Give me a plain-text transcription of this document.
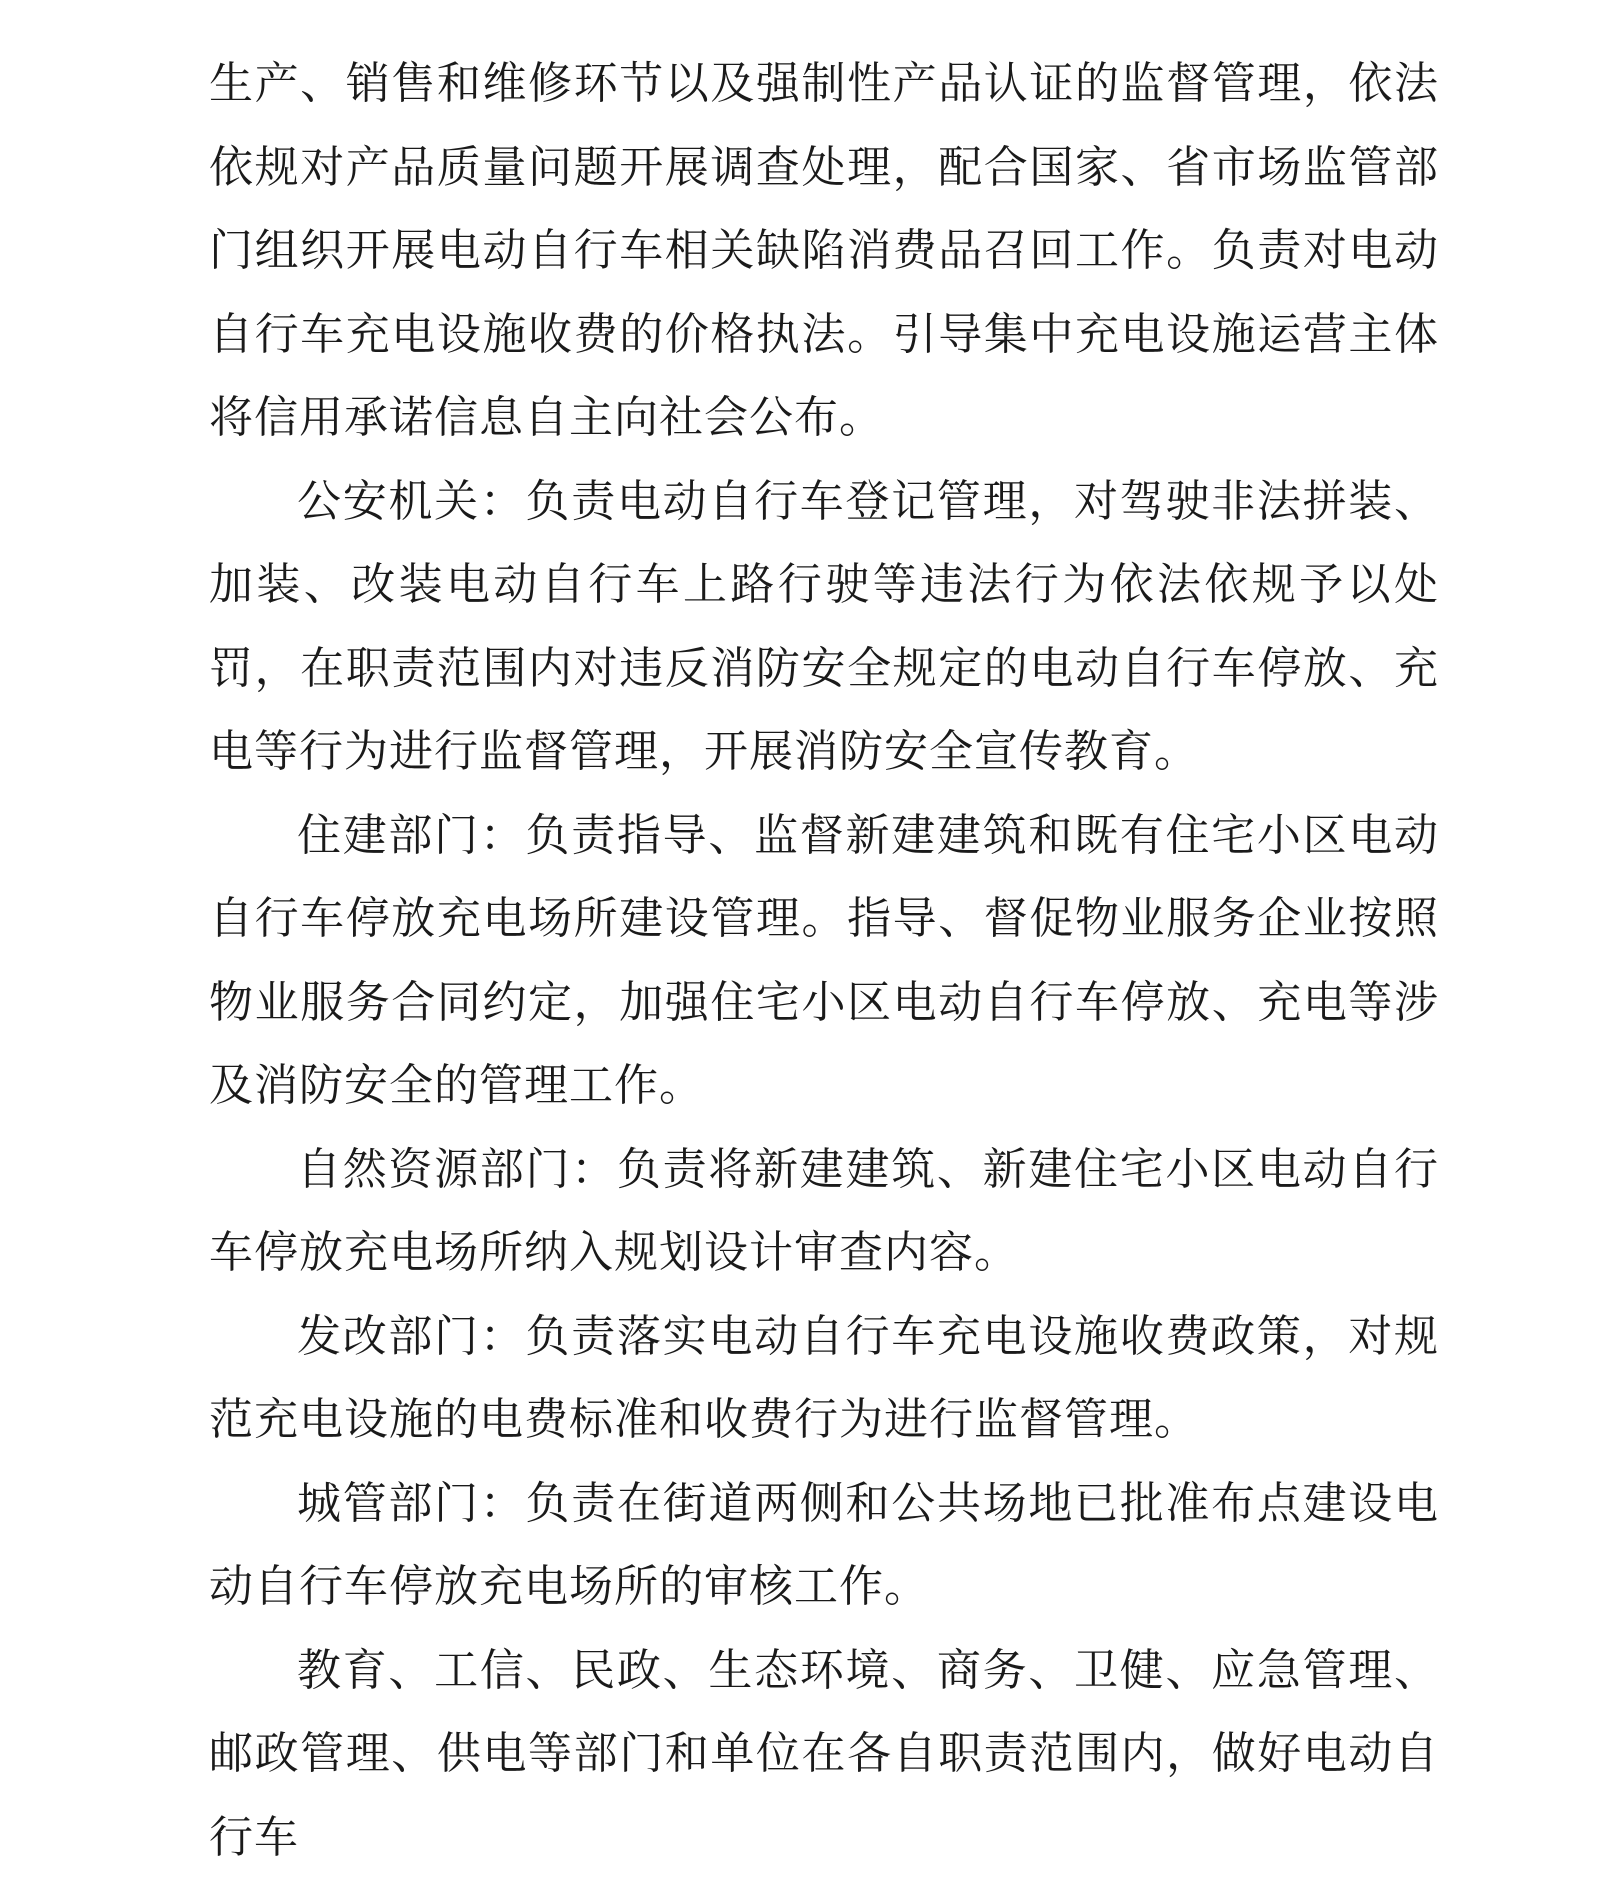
生产、销售和维修环节以及强制性产品认证的监督管理，依法依规对产品质量问题开展调查处理，配合国家、省市场监管部门组织开展电动自行车相关缺陷消费品召回工作。负责对电动自行车充电设施收费的价格执法。引导集中充电设施运营主体将信用承诺信息自主向社会公布。

公安机关：负责电动自行车登记管理，对驾驶非法拼装、加装、改装电动自行车上路行驶等违法行为依法依规予以处罚，在职责范围内对违反消防安全规定的电动自行车停放、充电等行为进行监督管理，开展消防安全宣传教育。

住建部门：负责指导、监督新建建筑和既有住宅小区电动自行车停放充电场所建设管理。指导、督促物业服务企业按照物业服务合同约定，加强住宅小区电动自行车停放、充电等涉及消防安全的管理工作。

自然资源部门：负责将新建建筑、新建住宅小区电动自行车停放充电场所纳入规划设计审查内容。

发改部门：负责落实电动自行车充电设施收费政策，对规范充电设施的电费标准和收费行为进行监督管理。

城管部门：负责在街道两侧和公共场地已批准布点建设电动自行车停放充电场所的审核工作。

教育、工信、民政、生态环境、商务、卫健、应急管理、邮政管理、供电等部门和单位在各自职责范围内，做好电动自行车
